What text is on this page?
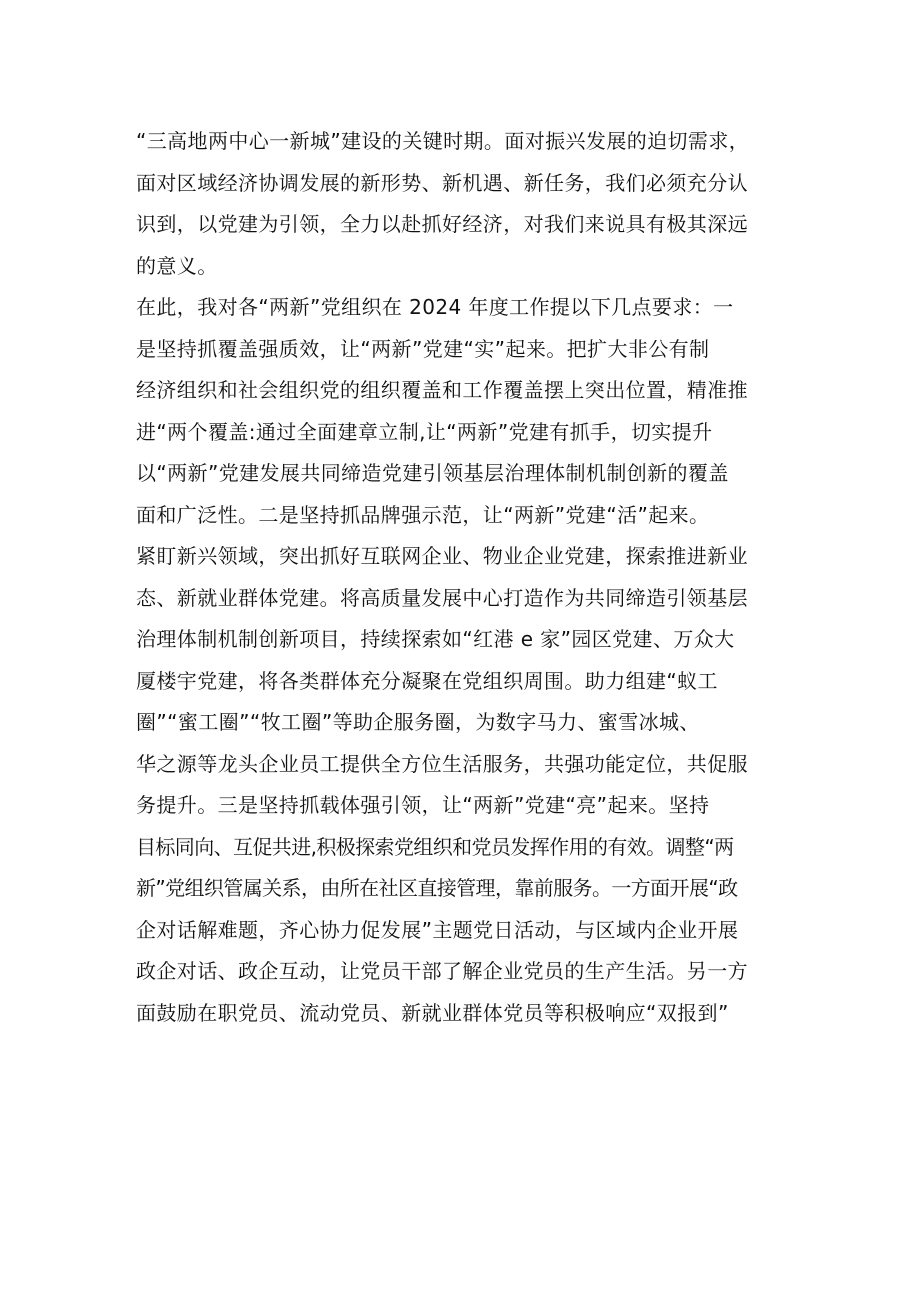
“三高地两中心一新城”建设的关键时期。面对振兴发展的迫切需求，
面对区域经济协调发展的新形势、新机遇、新任务，我们必须充分认
识到，以党建为引领，全力以赴抓好经济，对我们来说具有极其深远
的意义。
在此，我对各“两新”党组织在 2024 年度工作提以下几点要求：一
是坚持抓覆盖强质效，让“两新”党建“实”起来。把扩大非公有制
经济组织和社会组织党的组织覆盖和工作覆盖摆上突出位置，精准推
进“两个覆盖:通过全面建章立制,让“两新”党建有抓手，切实提升
以“两新”党建发展共同缔造党建引领基层治理体制机制创新的覆盖
面和广泛性。二是坚持抓品牌强示范，让“两新”党建“活”起来。
紧盯新兴领域，突出抓好互联网企业、物业企业党建，探索推进新业
态、新就业群体党建。将高质量发展中心打造作为共同缔造引领基层
治理体制机制创新项目，持续探索如“红港 e 家”园区党建、万众大
厦楼宇党建，将各类群体充分凝聚在党组织周围。助力组建“蚁工
圈”“蜜工圈”“牧工圈”等助企服务圈，为数字马力、蜜雪冰城、
华之源等龙头企业员工提供全方位生活服务，共强功能定位，共促服
务提升。三是坚持抓载体强引领，让“两新”党建“亮”起来。坚持
目标同向、互促共进,积极探索党组织和党员发挥作用的有效。调整“两
新”党组织管属关系，由所在社区直接管理，靠前服务。一方面开展“政
企对话解难题，齐心协力促发展”主题党日活动，与区域内企业开展
政企对话、政企互动，让党员干部了解企业党员的生产生活。另一方
面鼓励在职党员、流动党员、新就业群体党员等积极响应“双报到”
